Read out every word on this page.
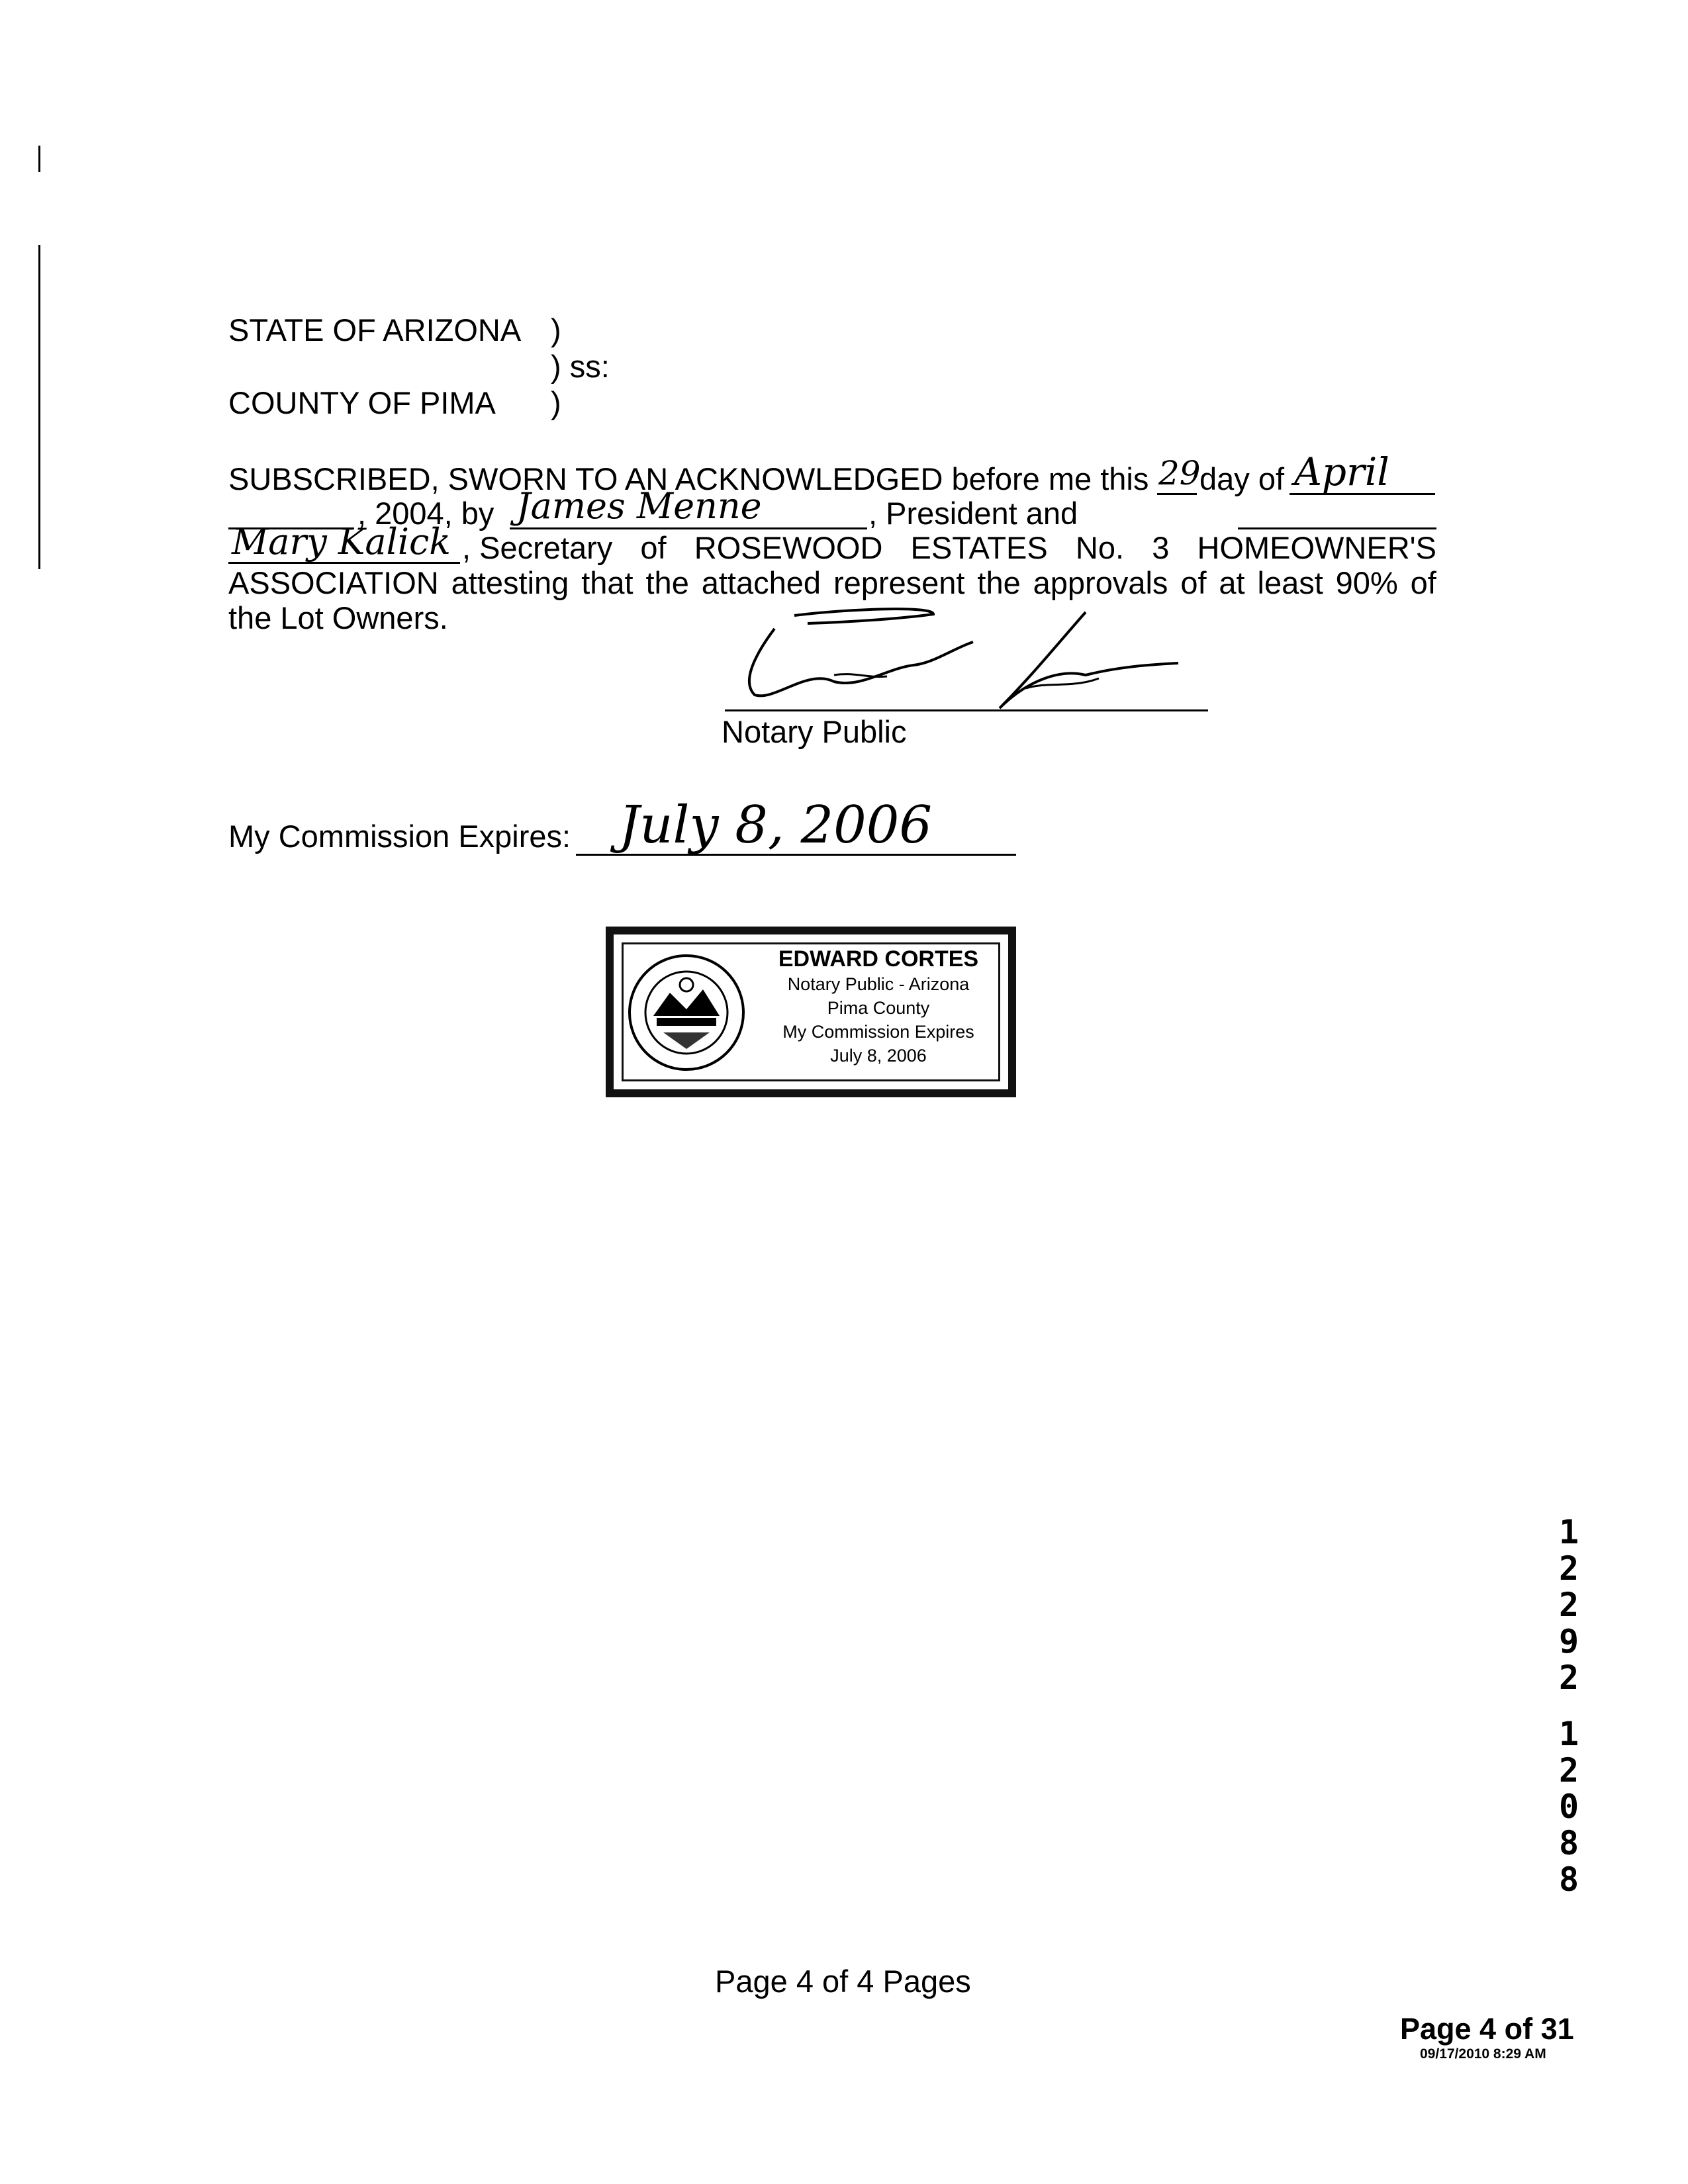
STATE OF ARIZONA )
) ss:
COUNTY OF PIMA )
SUBSCRIBED, SWORN TO AN ACKNOWLEDGED before me this 29
day of April
, 2004, by James Menne	, President and
Mary Kalick , Secretary of ROSEWOOD ESTATES No. 3 HOMEOWNER'S
ASSOCIATION attesting that the attached represent the approvals of at least 90% of
the Lot Owners.
Notary Public
My Commission Expires: July 8, 2006
EDWARD CORTES
Notary Public - Arizona
Pima County
My Commission Expires
July 8, 2006
1
2
2
9
2
1
2
0
8
8
Page 4 of 4 Pages
Page 4 of 31
09/17/2010 8:29 AM
